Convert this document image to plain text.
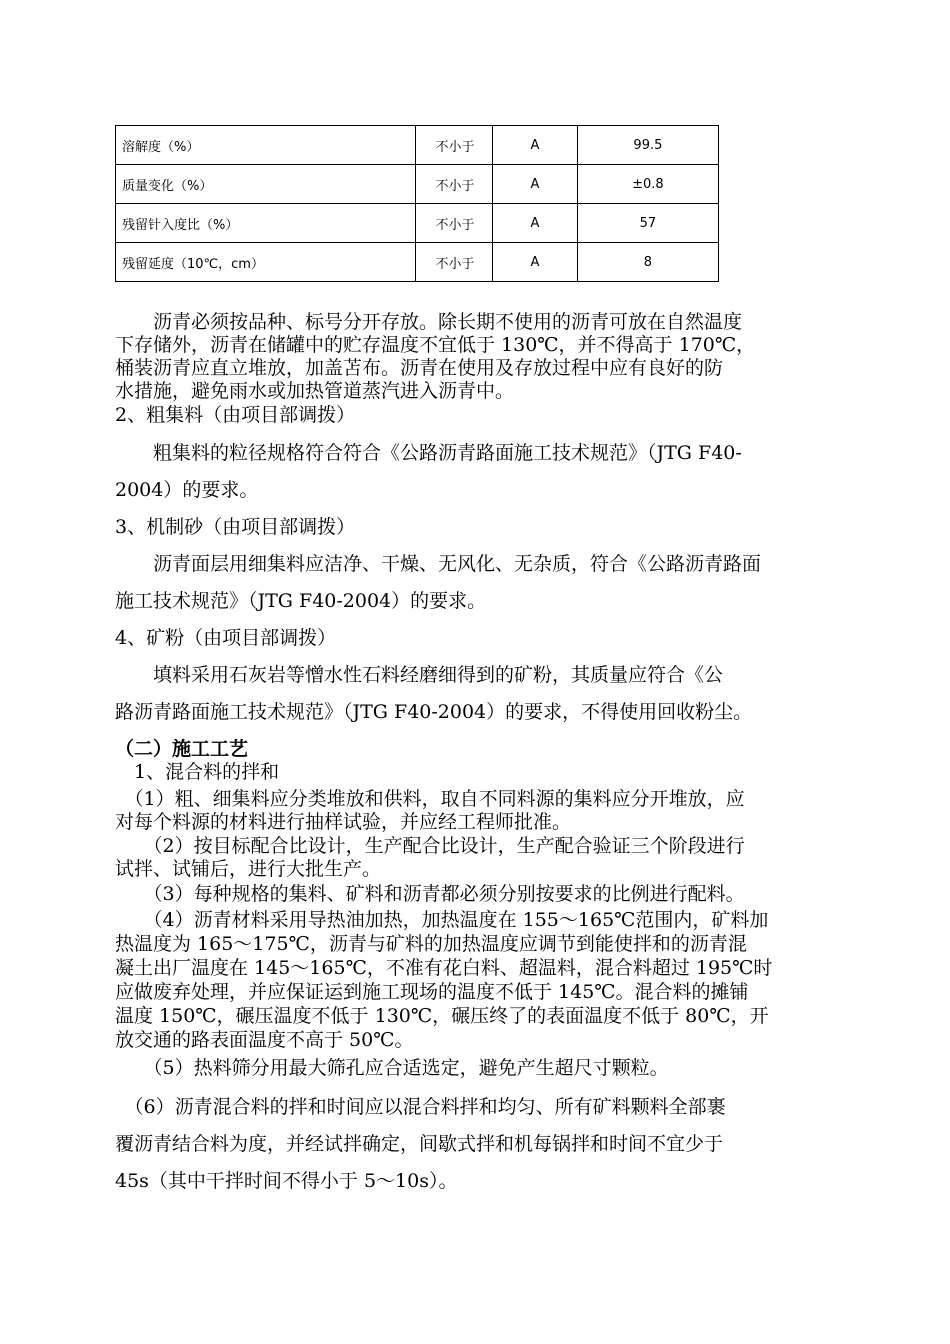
溶解度（%）	不小于	A	99.5
质量变化（%）	不小于	A	±0.8
残留针入度比（%）	不小于	A	57
残留延度（10℃，cm）	不小于	A	8
　　沥青必须按品种、标号分开存放。除长期不使用的沥青可放在自然温度
下存储外，沥青在储罐中的贮存温度不宜低于 130℃，并不得高于 170℃，
桶装沥青应直立堆放，加盖苫布。沥青在使用及存放过程中应有良好的防
水措施，避免雨水或加热管道蒸汽进入沥青中。
2、粗集料（由项目部调拨）
　　粗集料的粒径规格符合符合《公路沥青路面施工技术规范》（JTG F40-
2004）的要求。
3、机制砂（由项目部调拨）
　　沥青面层用细集料应洁净、干燥、无风化、无杂质，符合《公路沥青路面
施工技术规范》（JTG F40-2004）的要求。
4、矿粉（由项目部调拨）
　　填料采用石灰岩等憎水性石料经磨细得到的矿粉，其质量应符合《公
路沥青路面施工技术规范》（JTG F40-2004）的要求，不得使用回收粉尘。
（二）施工工艺
　1、混合料的拌和
　（1）粗、细集料应分类堆放和供料，取自不同料源的集料应分开堆放，应
对每个料源的材料进行抽样试验，并应经工程师批准。
　　（2）按目标配合比设计，生产配合比设计，生产配合验证三个阶段进行
试拌、试铺后，进行大批生产。
　　（3）每种规格的集料、矿料和沥青都必须分别按要求的比例进行配料。
　　（4）沥青材料采用导热油加热，加热温度在 155～165℃范围内，矿料加
热温度为 165～175℃，沥青与矿料的加热温度应调节到能使拌和的沥青混
凝土出厂温度在 145～165℃，不准有花白料、超温料，混合料超过 195℃时
应做废弃处理，并应保证运到施工现场的温度不低于 145℃。混合料的摊铺
温度 150℃，碾压温度不低于 130℃，碾压终了的表面温度不低于 80℃，开
放交通的路表面温度不高于 50℃。
　　（5）热料筛分用最大筛孔应合适选定，避免产生超尺寸颗粒。
　（6）沥青混合料的拌和时间应以混合料拌和均匀、所有矿料颗料全部裹
覆沥青结合料为度，并经试拌确定，间歇式拌和机每锅拌和时间不宜少于
45s（其中干拌时间不得小于 5～10s）。
